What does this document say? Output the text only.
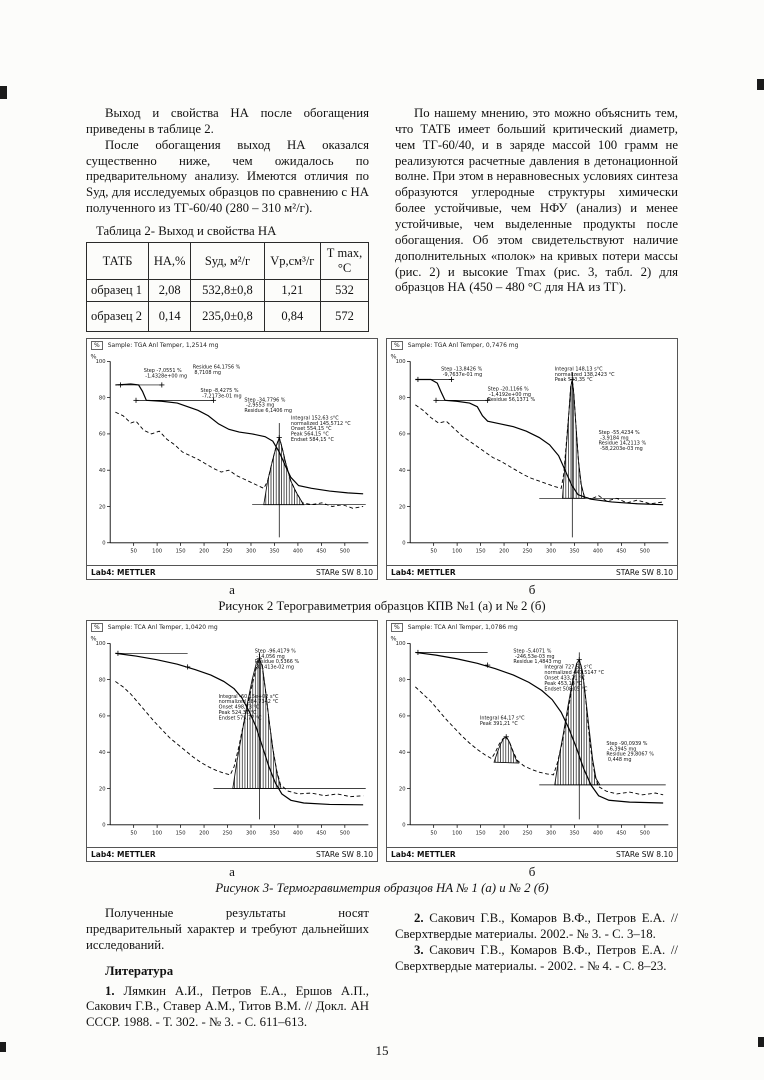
Выход и свойства НА после обогащения приведены в таблице 2.

После обогащения выход НА оказался существенно ниже, чем ожидалось по предварительному анализу. Имеются отличия по Sуд, для исследуемых образцов по сравнению с НА полученного из ТГ-60/40 (280 – 310 м²/г).

Таблица 2- Выход и свойства НА
ТАТБ	НА,%	Sуд, м²/г	Vр,см³/г	Т max, °С
образец 1	2,08	532,8±0,8	1,21	532
образец 2	0,14	235,0±0,8	0,84	572

По нашему мнению, это можно объяснить тем, что ТАТБ имеет больший критический диаметр, чем ТГ-60/40, и в заряде массой 100 грамм не реализуются расчетные давления в детонационной волне. При этом в неравновесных условиях синтеза образуются углеродные структуры химически более устойчивые, чем НФУ (анализ) и менее устойчивые, чем выделенные продукты после обогащения. Об этом свидетельствуют наличие дополнительных «полок» на кривых потери массы (рис. 2) и высокие Тmax (рис. 3, табл. 2) для образцов НА (450 – 480 °С для НА из ТГ).

%	Sample: TGA Anl Temper, 1,2514 mg
50	100	150	200	250	300	350	400	450	500
100
80
60
40
20
0
%
Step -7,0551 % -1,4328e+00 mg
Residue 64,1756 % 8,7108 mg
Step -8,4275 % -7,2173e-01 mg
Step -34,7796 % -2,9553 mg Residue 6,1406 mg
Integral 152,63 s°C normalized 145,5712 °C Onset 554,15 °C Peak 564,15 °C Endset 584,15 °C
Lab4: METTLER	STARe SW 8.10
%	Sample: TGA Anl Temper, 0,7476 mg
50	100	150	200	250	300	350	400	450	500
100
80
60
40
20
0
%
Step -13,8426 % -9,7637e-01 mg
Integral 148,13 s°C normalized 138,2423 °C Peak 523,35 °C
Step -20,1166 % -1,4192e+00 mg Residue 56,1371 %
Step -55,4234 % -3,9184 mg Residue 14,2113 % -58,2203e-03 mg
Lab4: METTLER	STARe SW 8.10
а	б
Рисунок 2 Терогравиметрия образцов КПВ №1 (а) и № 2 (б)
%	Sample: TCA Anl Temper, 1,0420 mg
50	100	150	200	250	300	350	400	450	500
100
80
60
40
20
0
%
Step -96,4179 % -14,056 mg Residue 0,5366 % 8,1413e-02 mg
Integral -60,15e+02 s°C normalized 584,7342 °C Onset 498,73 °C Peak 524,31 °C Endset 575,77 °C
Lab4: METTLER	STARe SW 8.10
%	Sample: TCA Anl Temper, 1,0786 mg
50	100	150	200	250	300	350	400	450	500
100
80
60
40
20
0
%
Step -5,4071 % -246,53e-03 mg Residue 1,4843 mg
Integral 727,52 s°C normalized 447,5147 °C Onset 433,21 °C Peak 453,13 °C Endset 508,05 °C
Integral 64,17 s°C Peak 391,21 °C
Step -90,0939 % -6,3945 mg Residue 29,8067 % 0,448 mg
Lab4: METTLER	STARe SW 8.10
а	б
Рисунок 3- Термогравиметрия образцов НА № 1 (а) и № 2 (б)

Полученные результаты носят предварительный характер и требуют дальнейших исследований.

Литература

1. Лямкин А.И., Петров Е.А., Ершов А.П., Сакович Г.В., Ставер А.М., Титов В.М. // Докл. АН СССР. 1988. - Т. 302. - № 3. - С. 611–613.

2. Сакович Г.В., Комаров В.Ф., Петров Е.А. // Сверхтвердые материалы. 2002.- № 3. - С. 3–18.

3. Сакович Г.В., Комаров В.Ф., Петров Е.А. //Сверхтвердые материалы. - 2002. - № 4. - С. 8–23.

15
